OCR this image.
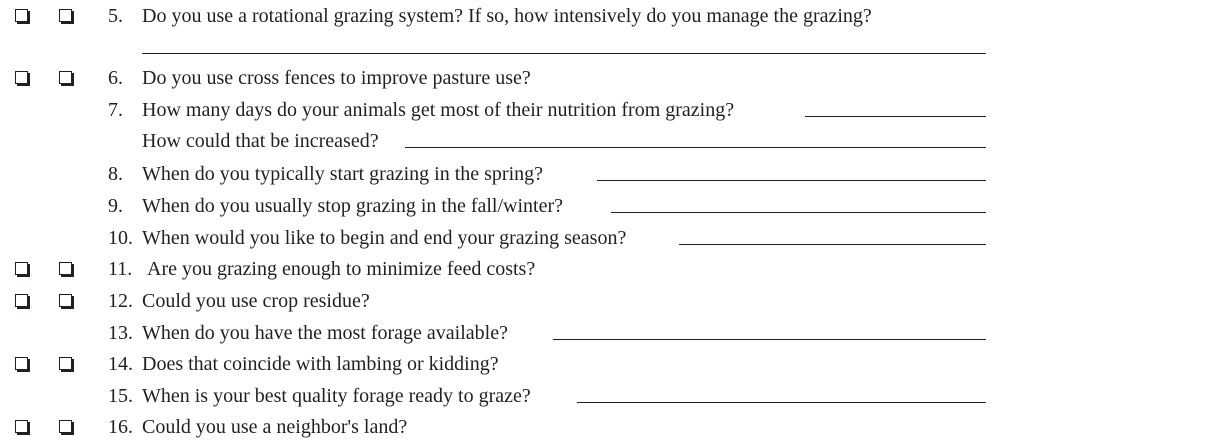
5. Do you use a rotational grazing system? If so, how intensively do you manage the grazing?
6. Do you use cross fences to improve pasture use?
7. How many days do your animals get most of their nutrition from grazing?
How could that be increased?
8. When do you typically start grazing in the spring?
9. When do you usually stop grazing in the fall/winter?
10. When would you like to begin and end your grazing season?
11. Are you grazing enough to minimize feed costs?
12. Could you use crop residue?
13. When do you have the most forage available?
14. Does that coincide with lambing or kidding?
15. When is your best quality forage ready to graze?
16. Could you use a neighbor's land?
